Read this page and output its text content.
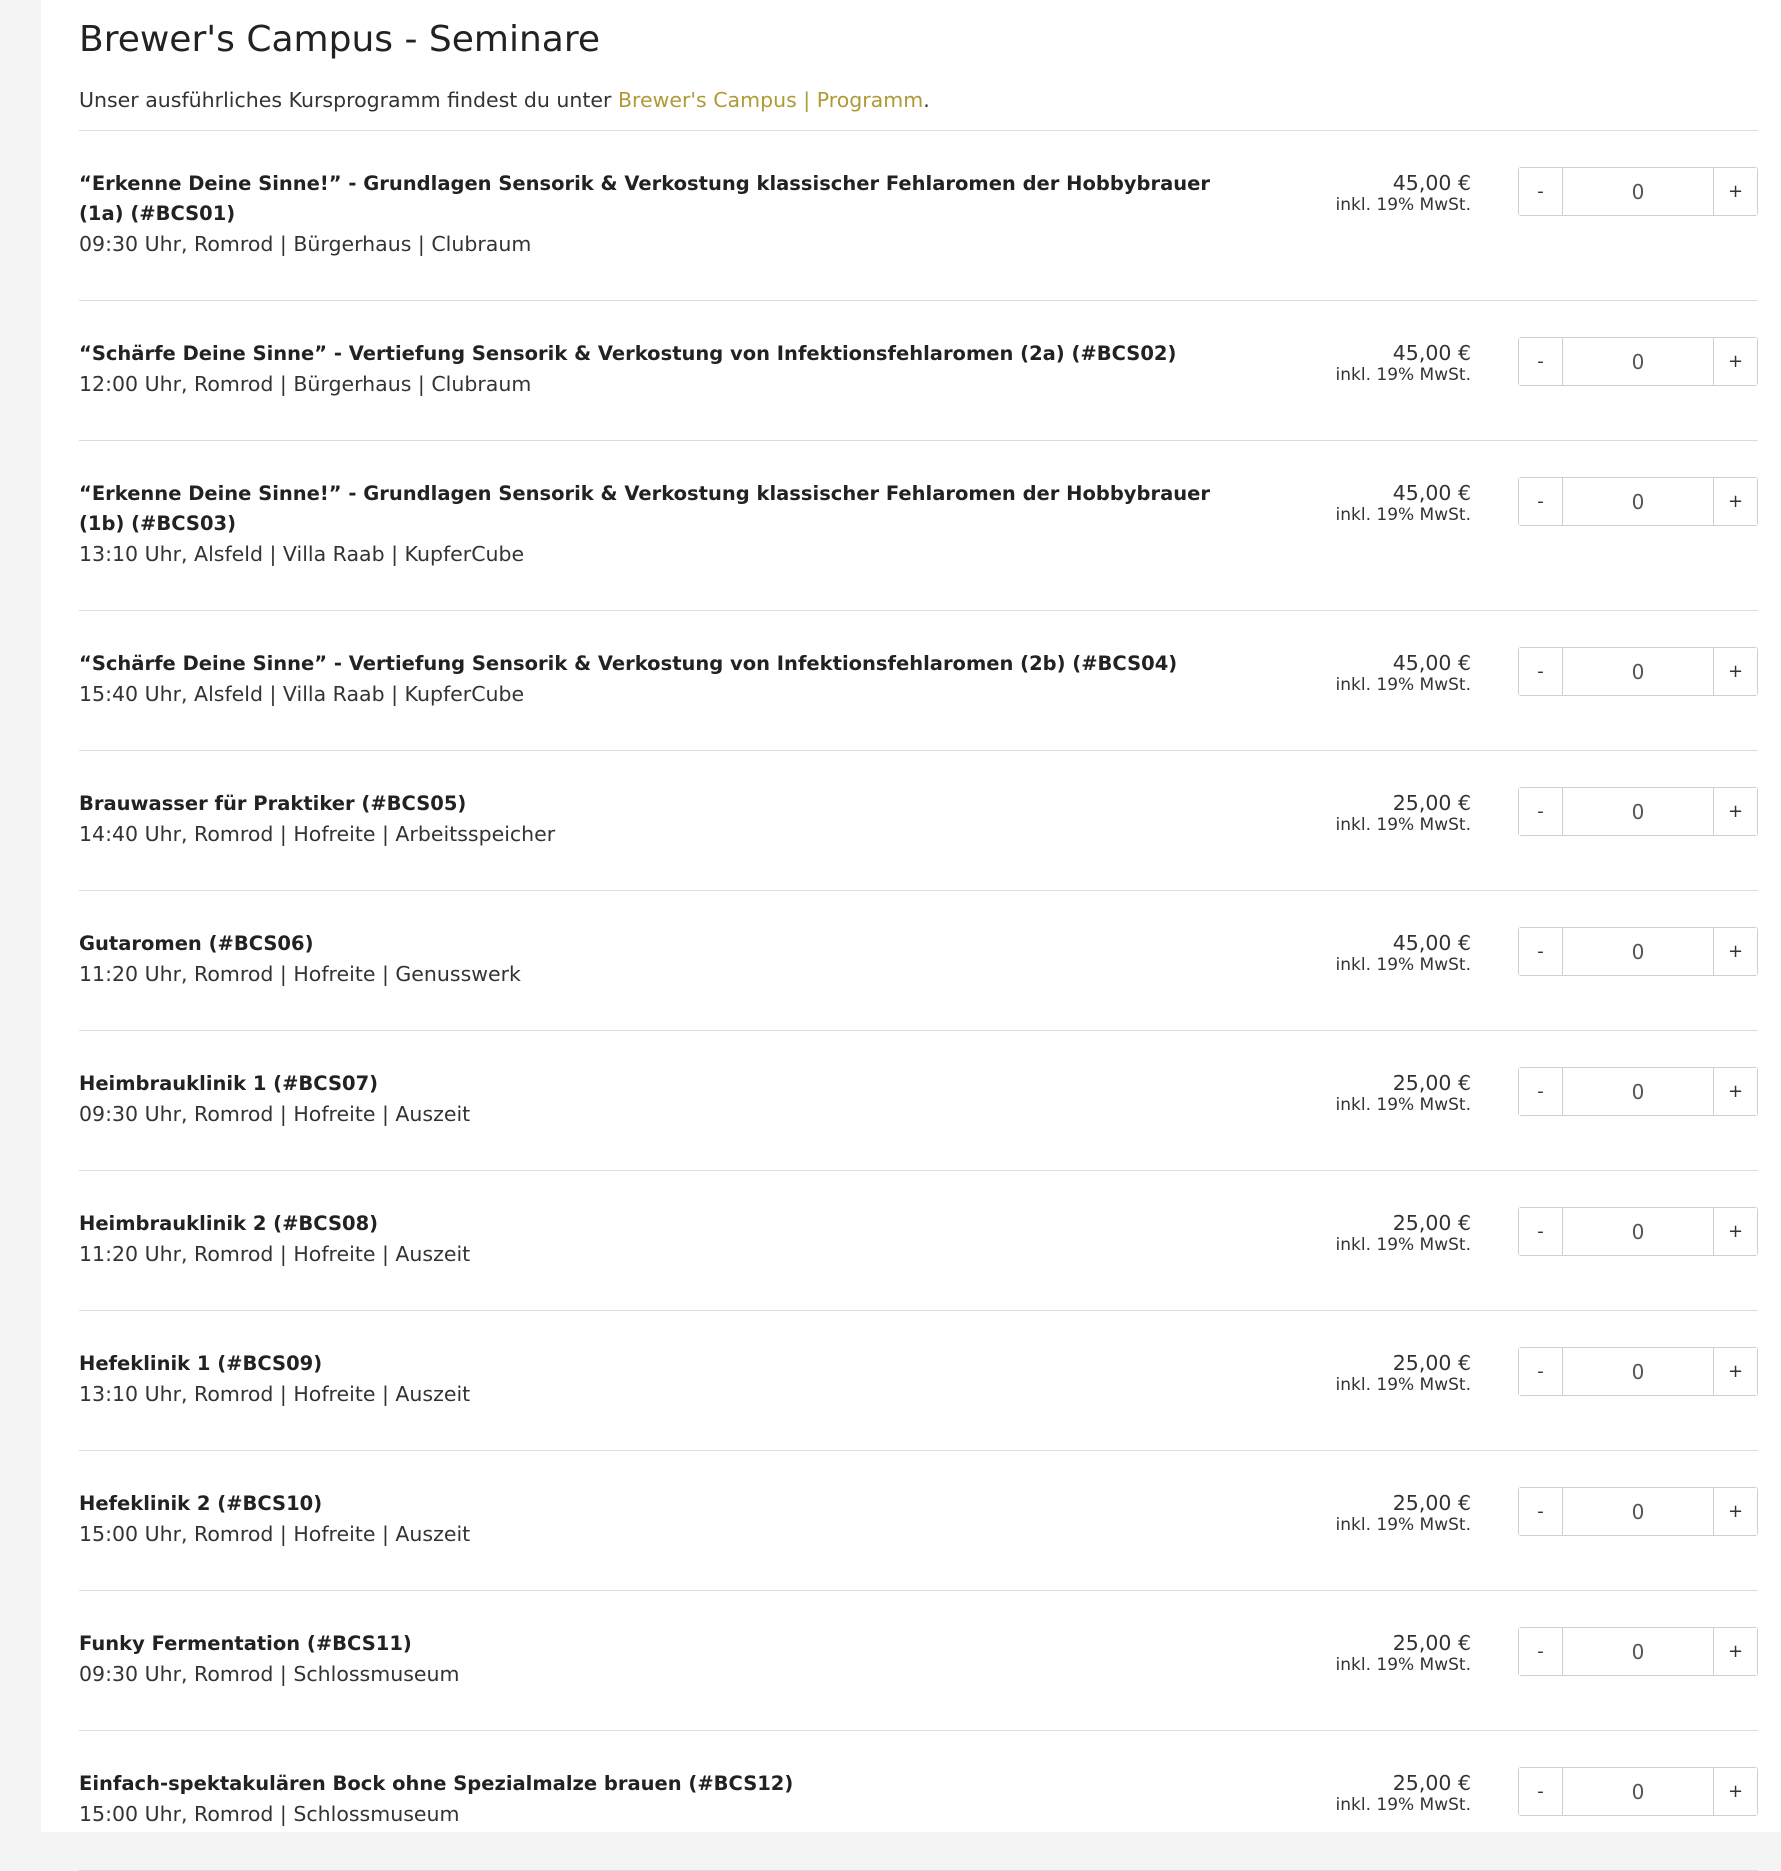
Brewer's Campus - Seminare
Unser ausführliches Kursprogramm findest du unter Brewer's Campus | Programm.
“Erkenne Deine Sinne!” - Grundlagen Sensorik & Verkostung klassischer Fehlaromen der Hobbybrauer (1a) (#BCS01)
09:30 Uhr, Romrod | Bürgerhaus | Clubraum
45,00 €
inkl. 19% MwSt.
-
0	+
“Schärfe Deine Sinne” - Vertiefung Sensorik & Verkostung von Infektionsfehlaromen (2a) (#BCS02)
12:00 Uhr, Romrod | Bürgerhaus | Clubraum
45,00 €
inkl. 19% MwSt.
-
0	+
“Erkenne Deine Sinne!” - Grundlagen Sensorik & Verkostung klassischer Fehlaromen der Hobbybrauer (1b) (#BCS03)
13:10 Uhr, Alsfeld | Villa Raab | KupferCube
45,00 €
inkl. 19% MwSt.
-
0	+
“Schärfe Deine Sinne” - Vertiefung Sensorik & Verkostung von Infektionsfehlaromen (2b) (#BCS04)
15:40 Uhr, Alsfeld | Villa Raab | KupferCube
45,00 €
inkl. 19% MwSt.
-
0	+
Brauwasser für Praktiker (#BCS05)
14:40 Uhr, Romrod | Hofreite | Arbeitsspeicher
25,00 €
inkl. 19% MwSt.
-
0	+
Gutaromen (#BCS06)
11:20 Uhr, Romrod | Hofreite | Genusswerk
45,00 €
inkl. 19% MwSt.
-
0	+
Heimbrauklinik 1 (#BCS07)
09:30 Uhr, Romrod | Hofreite | Auszeit
25,00 €
inkl. 19% MwSt.
-
0	+
Heimbrauklinik 2 (#BCS08)
11:20 Uhr, Romrod | Hofreite | Auszeit
25,00 €
inkl. 19% MwSt.
-
0	+
Hefeklinik 1 (#BCS09)
13:10 Uhr, Romrod | Hofreite | Auszeit
25,00 €
inkl. 19% MwSt.
-
0	+
Hefeklinik 2 (#BCS10)
15:00 Uhr, Romrod | Hofreite | Auszeit
25,00 €
inkl. 19% MwSt.
-
0	+
Funky Fermentation (#BCS11)
09:30 Uhr, Romrod | Schlossmuseum
25,00 €
inkl. 19% MwSt.
-
0	+
Einfach-spektakulären Bock ohne Spezialmalze brauen (#BCS12)
15:00 Uhr, Romrod | Schlossmuseum
25,00 €
inkl. 19% MwSt.
-
0	+
